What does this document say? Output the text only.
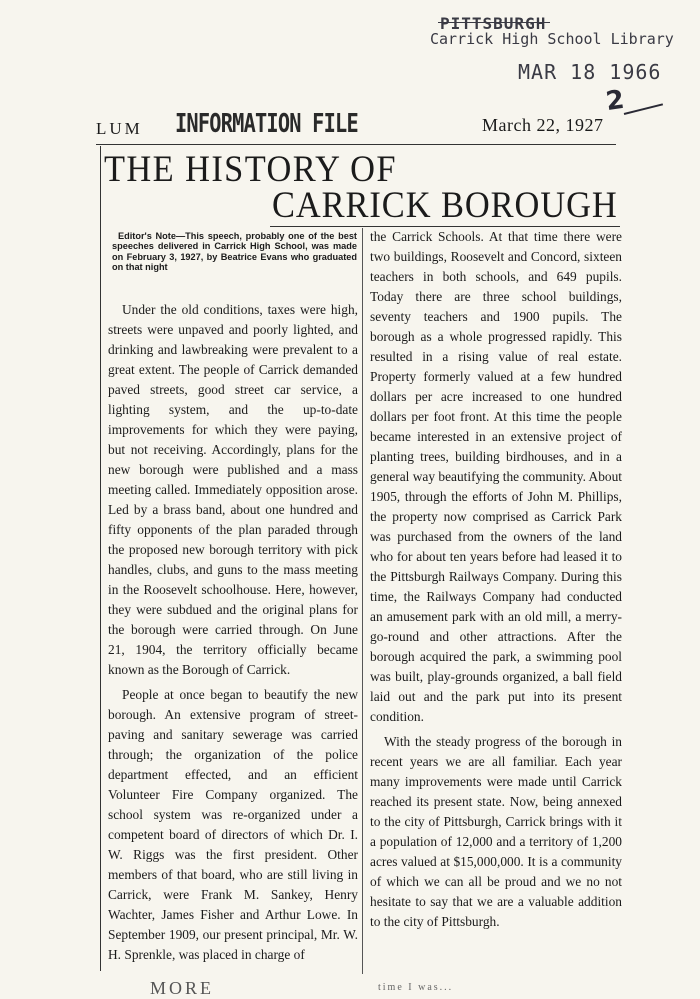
PITTSBURGH
Carrick High School Library
MAR 18 1966
2
LUM INFORMATION FILE	March 22, 1927
THE HISTORY OF
CARRICK BOROUGH
Editor's Note—This speech, probably one of the best speeches delivered in Carrick High School, was made on February 3, 1927, by Beatrice Evans who graduated on that night

Under the old conditions, taxes were high, streets were unpaved and poorly lighted, and drinking and lawbreaking were prevalent to a great extent. The people of Carrick demanded paved streets, good street car service, a lighting system, and the up-to-date improvements for which they were paying, but not receiving. Accordingly, plans for the new borough were published and a mass meeting called. Immediately opposition arose. Led by a brass band, about one hundred and fifty opponents of the plan paraded through the proposed new borough territory with pick handles, clubs, and guns to the mass meeting in the Roosevelt schoolhouse. Here, however, they were subdued and the original plans for the borough were carried through. On June 21, 1904, the territory officially became known as the Borough of Carrick.

People at once began to beautify the new borough. An extensive program of street-paving and sanitary sewerage was carried through; the organization of the police department effected, and an efficient Volunteer Fire Company organized. The school system was re-organized under a competent board of directors of which Dr. I. W. Riggs was the first president. Other members of that board, who are still living in Carrick, were Frank M. Sankey, Henry Wachter, James Fisher and Arthur Lowe. In September 1909, our present principal, Mr. W. H. Sprenkle, was placed in charge of

the Carrick Schools. At that time there were two buildings, Roosevelt and Concord, sixteen teachers in both schools, and 649 pupils. Today there are three school buildings, seventy teachers and 1900 pupils. The borough as a whole progressed rapidly. This resulted in a rising value of real estate. Property formerly valued at a few hundred dollars per acre increased to one hundred dollars per foot front. At this time the people became interested in an extensive project of planting trees, building birdhouses, and in a general way beautifying the community. About 1905, through the efforts of John M. Phillips, the property now comprised as Carrick Park was purchased from the owners of the land who for about ten years before had leased it to the Pittsburgh Railways Company. During this time, the Railways Company had conducted an amusement park with an old mill, a merry-go-round and other attractions. After the borough acquired the park, a swimming pool was built, play-grounds organized, a ball field laid out and the park put into its present condition.

With the steady progress of the borough in recent years we are all familiar. Each year many improvements were made until Carrick reached its present state. Now, being annexed to the city of Pittsburgh, Carrick brings with it a population of 12,000 and a territory of 1,200 acres valued at $15,000,000. It is a community of which we can all be proud and we no not hesitate to say that we are a valuable addition to the city of Pittsburgh.

MORE	time I was...
